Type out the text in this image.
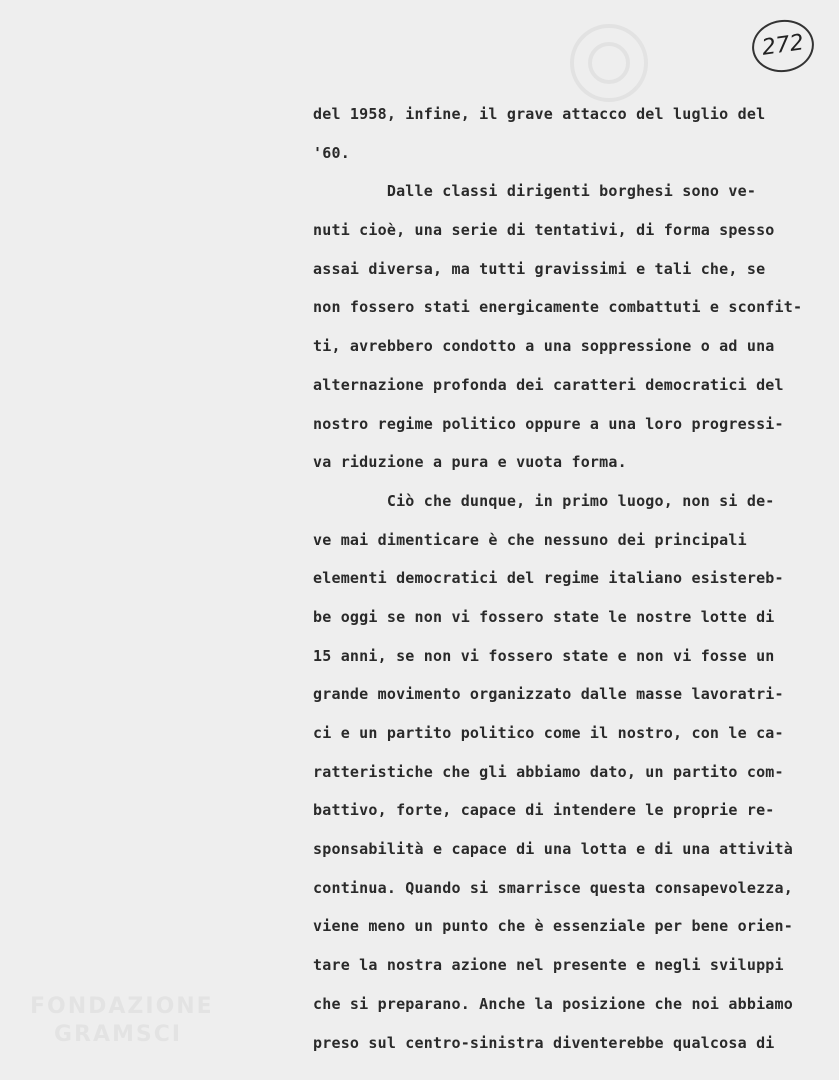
FONDAZIONE
GRAMSCI
272
del 1958, infine, il grave attacco del luglio del
'60.
Dalle classi dirigenti borghesi sono ve-
nuti cioè, una serie di tentativi, di forma spesso
assai diversa, ma tutti gravissimi e tali che, se
non fossero stati energicamente combattuti e sconfit-
ti, avrebbero condotto a una soppressione o ad una
alternazione profonda dei caratteri democratici del
nostro regime politico oppure a una loro progressi-
va riduzione a pura e vuota forma.
Ciò che dunque, in primo luogo, non si de-
ve mai dimenticare è che nessuno dei principali
elementi democratici del regime italiano esistereb-
be oggi se non vi fossero state le nostre lotte di
15 anni, se non vi fossero state e non vi fosse un
grande movimento organizzato dalle masse lavoratri-
ci e un partito politico come il nostro, con le ca-
ratteristiche che gli abbiamo dato, un partito com-
battivo, forte, capace di intendere le proprie re-
sponsabilità e capace di una lotta e di una attività
continua. Quando si smarrisce questa consapevolezza,
viene meno un punto che è essenziale per bene orien-
tare la nostra azione nel presente e negli sviluppi
che si preparano. Anche la posizione che noi abbiamo
preso sul centro-sinistra diventerebbe qualcosa di
